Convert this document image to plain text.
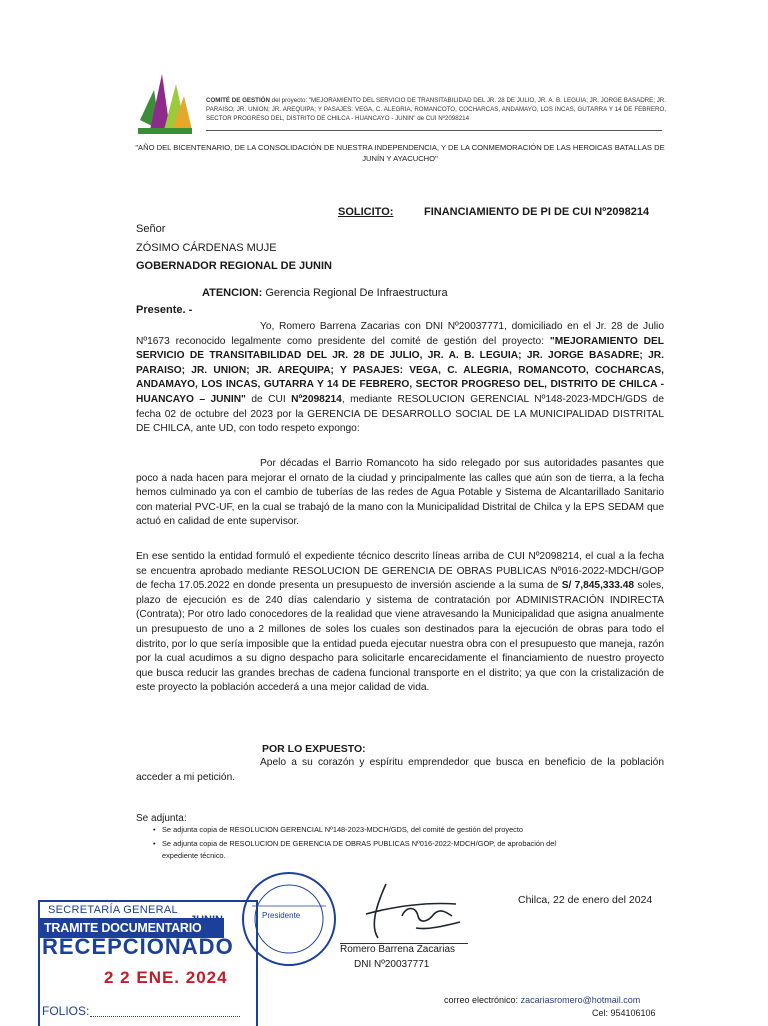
COMITÉ DE GESTIÓN del proyecto: "MEJORAMIENTO DEL SERVICIO DE TRANSITABILIDAD DEL JR. 28 DE JULIO, JR. A. B. LEGUIA; JR. JORGE BASADRE; JR. PARAISO; JR. UNION; JR. AREQUIPA; Y PASAJES: VEGA, C. ALEGRIA, ROMANCOTO, COCHARCAS, ANDAMAYO, LOS INCAS, GUTARRA Y 14 DE FEBRERO, SECTOR PROGRESO DEL, DISTRITO DE CHILCA - HUANCAYO - JUNIN" de CUI Nº2098214
"AÑO DEL BICENTENARIO, DE LA CONSOLIDACIÓN DE NUESTRA INDEPENDENCIA, Y DE LA CONMEMORACIÓN DE LAS HEROICAS BATALLAS DE JUNÍN Y AYACUCHO"
SOLICITO:	FINANCIAMIENTO DE PI DE CUI Nº2098214
Señor
ZÓSIMO CÁRDENAS MUJE
GOBERNADOR REGIONAL DE JUNIN
ATENCION: Gerencia Regional De Infraestructura
Presente. -
Yo, Romero Barrena Zacarias con DNI Nº20037771, domiciliado en el Jr. 28 de Julio Nº1673 reconocido legalmente como presidente del comité de gestión del proyecto: "MEJORAMIENTO DEL SERVICIO DE TRANSITABILIDAD DEL JR. 28 DE JULIO, JR. A. B. LEGUIA; JR. JORGE BASADRE; JR. PARAISO; JR. UNION; JR. AREQUIPA; Y PASAJES: VEGA, C. ALEGRIA, ROMANCOTO, COCHARCAS, ANDAMAYO, LOS INCAS, GUTARRA Y 14 DE FEBRERO, SECTOR PROGRESO DEL, DISTRITO DE CHILCA - HUANCAYO – JUNIN" de CUI Nº2098214, mediante RESOLUCION GERENCIAL Nº148-2023-MDCH/GDS de fecha 02 de octubre del 2023 por la GERENCIA DE DESARROLLO SOCIAL DE LA MUNICIPALIDAD DISTRITAL DE CHILCA, ante UD, con todo respeto expongo:
Por décadas el Barrio Romancoto ha sido relegado por sus autoridades pasantes que poco a nada hacen para mejorar el ornato de la ciudad y principalmente las calles que aún son de tierra, a la fecha hemos culminado ya con el cambio de tuberías de las redes de Agua Potable y Sistema de Alcantarillado Sanitario con material PVC-UF, en la cual se trabajó de la mano con la Municipalidad Distrital de Chilca y la EPS SEDAM que actuó en calidad de ente supervisor.
En ese sentido la entidad formuló el expediente técnico descrito líneas arriba de CUI Nº2098214, el cual a la fecha se encuentra aprobado mediante RESOLUCION DE GERENCIA DE OBRAS PUBLICAS Nº016-2022-MDCH/GOP de fecha 17.05.2022 en donde presenta un presupuesto de inversión asciende a la suma de S/ 7,845,333.48 soles, plazo de ejecución es de 240 días calendario y sistema de contratación por ADMINISTRACIÓN INDIRECTA (Contrata); Por otro lado conocedores de la realidad que viene atravesando la Municipalidad que asigna anualmente un presupuesto de uno a 2 millones de soles los cuales son destinados para la ejecución de obras para todo el distrito, por lo que sería imposible que la entidad pueda ejecutar nuestra obra con el presupuesto que maneja, razón por la cual acudimos a su digno despacho para solicitarle encarecidamente el financiamiento de nuestro proyecto que busca reducir las grandes brechas de cadena funcional transporte en el distrito; ya que con la cristalización de este proyecto la población accederá a una mejor calidad de vida.
POR LO EXPUESTO:
Apelo a su corazón y espíritu emprendedor que busca en beneficio de la población acceder a mi petición.
Se adjunta:
• Se adjunta copia de RESOLUCION GERENCIAL Nº148-2023-MDCH/GDS, del comité de gestión del proyecto
• Se adjunta copia de RESOLUCION DE GERENCIA DE OBRAS PUBLICAS Nº016-2022-MDCH/GOP, de aprobación del
expediente técnico.
Chilca, 22 de enero del 2024
Presidente
Romero Barrena Zacarias
DNI Nº20037771
correo electrónico: zacariasromero@hotmail.com
Cel: 954106106
SECRETARÍA GENERAL
TRAMITE DOCUMENTARIO
JUNIN
RECEPCIONADO
2 2 ENE. 2024
FOLIOS:
